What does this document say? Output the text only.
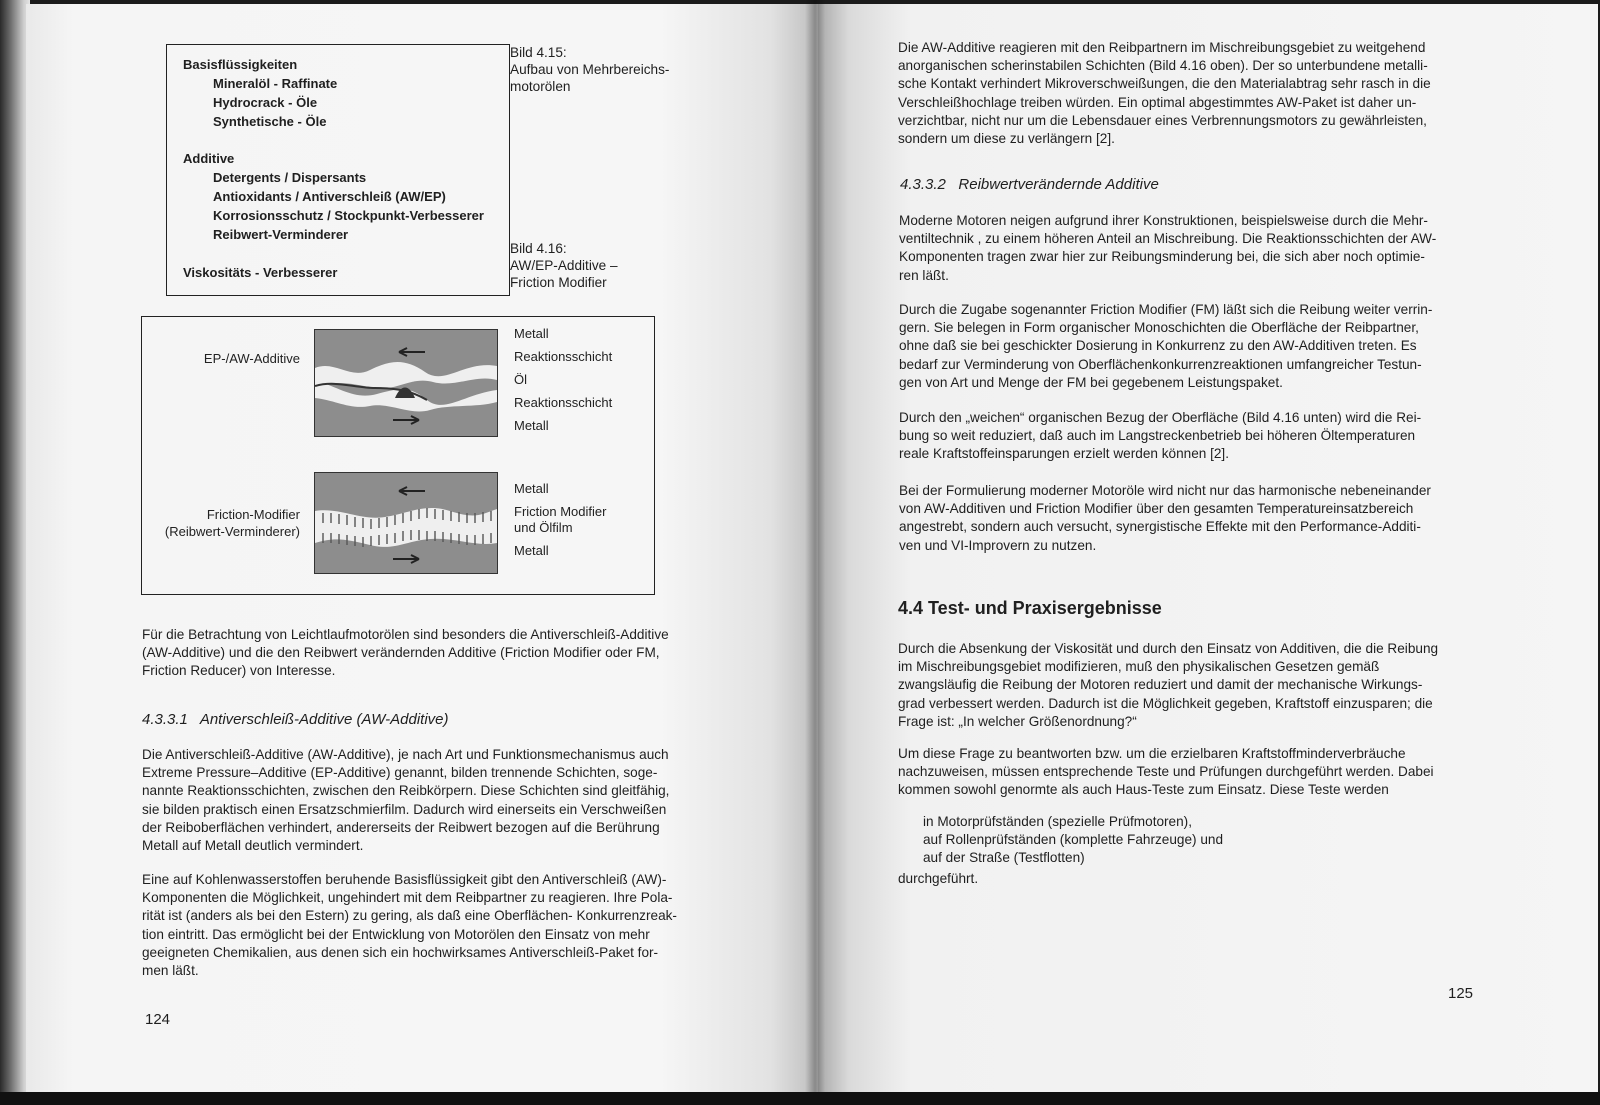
Basisflüssigkeiten
Mineralöl - Raffinate
Hydrocrack - Öle
Synthetische - Öle
Additive
Detergents / Dispersants
Antioxidants / Antiverschleiß (AW/EP)
Korrosionsschutz / Stockpunkt-Verbesserer
Reibwert-Verminderer
Viskositäts - Verbesserer
Bild 4.15:
Aufbau von Mehrbereichs-
motorölen
Bild 4.16:
AW/EP-Additive –
Friction Modifier
EP-/AW-Additive
Metall
Reaktionsschicht
Öl
Reaktionsschicht
Metall
Friction-Modifier
(Reibwert-Verminderer)
Metall
Friction Modifier
und Ölfilm
Metall
Für die Betrachtung von Leichtlaufmotorölen sind besonders die Antiverschleiß-Additive
(AW-Additive) und die den Reibwert verändernden Additive (Friction Modifier oder FM,
Friction Reducer) von Interesse.
4.3.3.1 Antiverschleiß-Additive (AW-Additive)
Die Antiverschleiß-Additive (AW-Additive), je nach Art und Funktionsmechanismus auch
Extreme Pressure–Additive (EP-Additive) genannt, bilden trennende Schichten, soge-
nannte Reaktionsschichten, zwischen den Reibkörpern. Diese Schichten sind gleitfähig,
sie bilden praktisch einen Ersatzschmierfilm. Dadurch wird einerseits ein Verschweißen
der Reiboberflächen verhindert, andererseits der Reibwert bezogen auf die Berührung
Metall auf Metall deutlich vermindert.
Eine auf Kohlenwasserstoffen beruhende Basisflüssigkeit gibt den Antiverschleiß (AW)-
Komponenten die Möglichkeit, ungehindert mit dem Reibpartner zu reagieren. Ihre Pola-
rität ist (anders als bei den Estern) zu gering, als daß eine Oberflächen- Konkurrenzreak-
tion eintritt. Das ermöglicht bei der Entwicklung von Motorölen den Einsatz von mehr
geeigneten Chemikalien, aus denen sich ein hochwirksames Antiverschleiß-Paket for-
men läßt.
124
Die AW-Additive reagieren mit den Reibpartnern im Mischreibungsgebiet zu weitgehend
anorganischen scherinstabilen Schichten (Bild 4.16 oben). Der so unterbundene metalli-
sche Kontakt verhindert Mikroverschweißungen, die den Materialabtrag sehr rasch in die
Verschleißhochlage treiben würden. Ein optimal abgestimmtes AW-Paket ist daher un-
verzichtbar, nicht nur um die Lebensdauer eines Verbrennungsmotors zu gewährleisten,
sondern um diese zu verlängern [2].
4.3.3.2 Reibwertverändernde Additive
Moderne Motoren neigen aufgrund ihrer Konstruktionen, beispielsweise durch die Mehr-
ventiltechnik , zu einem höheren Anteil an Mischreibung. Die Reaktionsschichten der AW-
Komponenten tragen zwar hier zur Reibungsminderung bei, die sich aber noch optimie-
ren läßt.
Durch die Zugabe sogenannter Friction Modifier (FM) läßt sich die Reibung weiter verrin-
gern. Sie belegen in Form organischer Monoschichten die Oberfläche der Reibpartner,
ohne daß sie bei geschickter Dosierung in Konkurrenz zu den AW-Additiven treten. Es
bedarf zur Verminderung von Oberflächenkonkurrenzreaktionen umfangreicher Testun-
gen von Art und Menge der FM bei gegebenem Leistungspaket.
Durch den „weichen“ organischen Bezug der Oberfläche (Bild 4.16 unten) wird die Rei-
bung so weit reduziert, daß auch im Langstreckenbetrieb bei höheren Öltemperaturen
reale Kraftstoffeinsparungen erzielt werden können [2].
Bei der Formulierung moderner Motoröle wird nicht nur das harmonische nebeneinander
von AW-Additiven und Friction Modifier über den gesamten Temperatureinsatzbereich
angestrebt, sondern auch versucht, synergistische Effekte mit den Performance-Additi-
ven und VI-Improvern zu nutzen.
4.4 Test- und Praxisergebnisse
Durch die Absenkung der Viskosität und durch den Einsatz von Additiven, die die Reibung
im Mischreibungsgebiet modifizieren, muß den physikalischen Gesetzen gemäß
zwangsläufig die Reibung der Motoren reduziert und damit der mechanische Wirkungs-
grad verbessert werden. Dadurch ist die Möglichkeit gegeben, Kraftstoff einzusparen; die
Frage ist: „In welcher Größenordnung?“
Um diese Frage zu beantworten bzw. um die erzielbaren Kraftstoffminderverbräuche
nachzuweisen, müssen entsprechende Teste und Prüfungen durchgeführt werden. Dabei
kommen sowohl genormte als auch Haus-Teste zum Einsatz. Diese Teste werden
in Motorprüfständen (spezielle Prüfmotoren),
auf Rollenprüfständen (komplette Fahrzeuge) und
auf der Straße (Testflotten)
durchgeführt.
125
